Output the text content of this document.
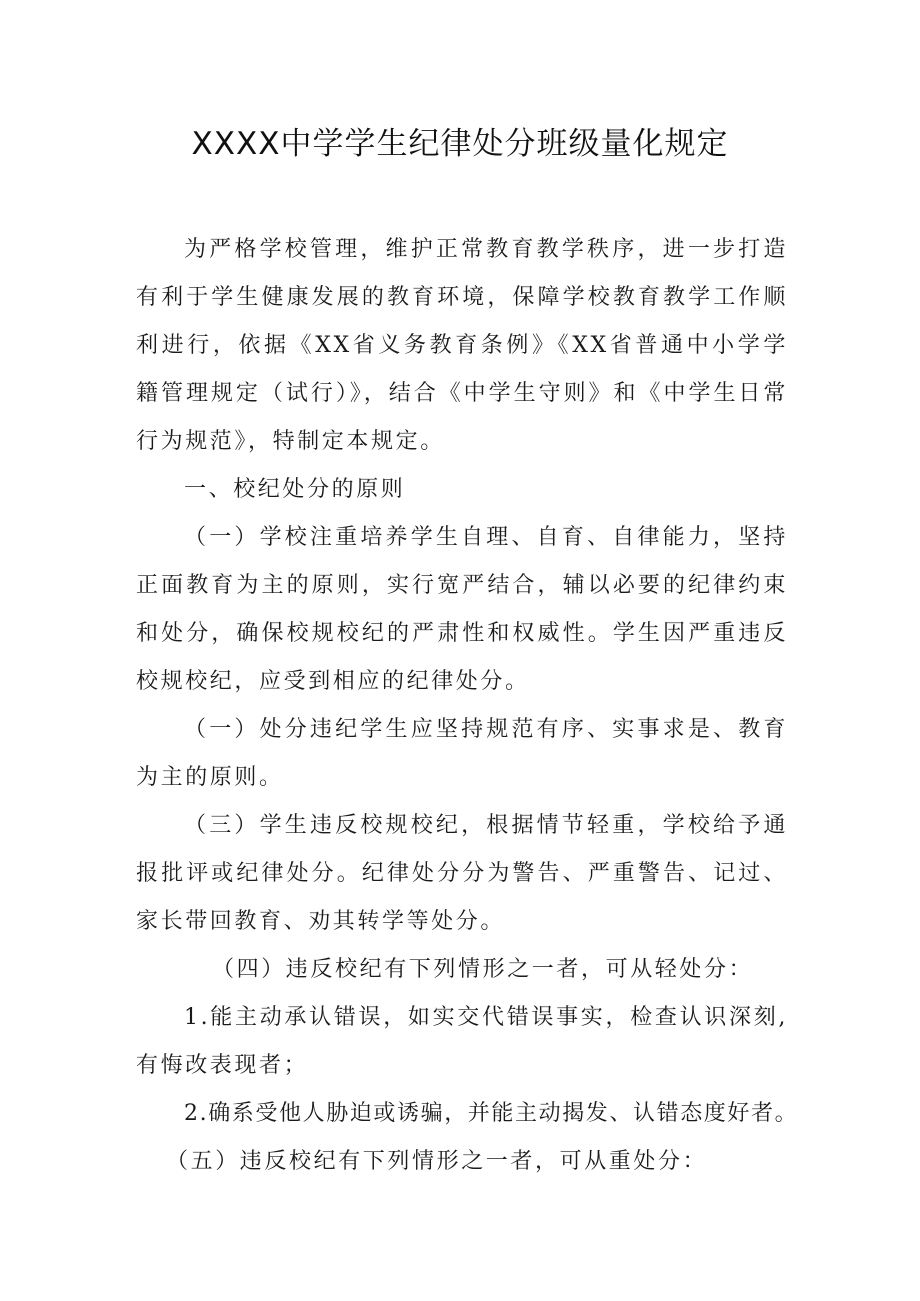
XXXX中学学生纪律处分班级量化规定

为严格学校管理，维护正常教育教学秩序，进一步打造有利于学生健康发展的教育环境，保障学校教育教学工作顺利进行，依据《XX省义务教育条例》《XX省普通中小学学籍管理规定（试行）》，结合《中学生守则》和《中学生日常行为规范》，特制定本规定。

一、校纪处分的原则

（一）学校注重培养学生自理、自育、自律能力，坚持正面教育为主的原则，实行宽严结合，辅以必要的纪律约束和处分，确保校规校纪的严肃性和权威性。学生因严重违反校规校纪，应受到相应的纪律处分。

（一）处分违纪学生应坚持规范有序、实事求是、教育为主的原则。

（三）学生违反校规校纪，根据情节轻重，学校给予通报批评或纪律处分。纪律处分分为警告、严重警告、记过、家长带回教育、劝其转学等处分。

（四）违反校纪有下列情形之一者，可从轻处分：

1.能主动承认错误，如实交代错误事实，检查认识深刻,有悔改表现者；

2.确系受他人胁迫或诱骗，并能主动揭发、认错态度好者。

（五）违反校纪有下列情形之一者，可从重处分：
